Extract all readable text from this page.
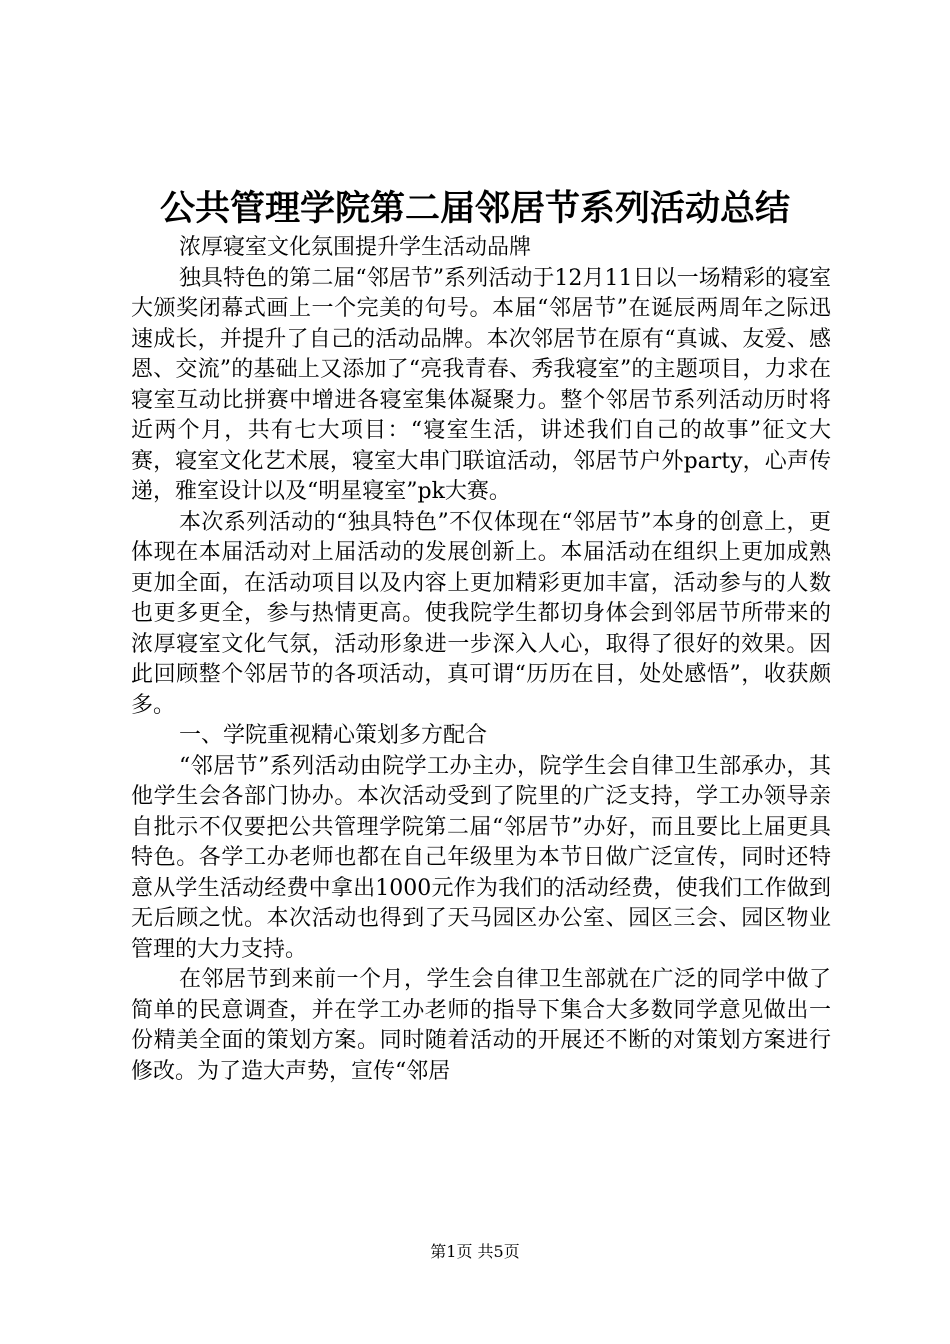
公共管理学院第二届邻居节系列活动总结

浓厚寝室文化氛围提升学生活动品牌

独具特色的第二届“邻居节”系列活动于12月11日以一场精彩的寝室大颁奖闭幕式画上一个完美的句号。本届“邻居节”在诞辰两周年之际迅速成长，并提升了自己的活动品牌。本次邻居节在原有“真诚、友爱、感恩、交流”的基础上又添加了“亮我青春、秀我寝室”的主题项目，力求在寝室互动比拼赛中增进各寝室集体凝聚力。整个邻居节系列活动历时将近两个月，共有七大项目：“寝室生活，讲述我们自己的故事”征文大赛，寝室文化艺术展，寝室大串门联谊活动，邻居节户外party，心声传递，雅室设计以及“明星寝室”pk大赛。

本次系列活动的“独具特色”不仅体现在“邻居节”本身的创意上，更体现在本届活动对上届活动的发展创新上。本届活动在组织上更加成熟更加全面，在活动项目以及内容上更加精彩更加丰富，活动参与的人数也更多更全，参与热情更高。使我院学生都切身体会到邻居节所带来的浓厚寝室文化气氛，活动形象进一步深入人心，取得了很好的效果。因此回顾整个邻居节的各项活动，真可谓“历历在目，处处感悟”，收获颇多。

一、学院重视精心策划多方配合

“邻居节”系列活动由院学工办主办，院学生会自律卫生部承办，其他学生会各部门协办。本次活动受到了院里的广泛支持，学工办领导亲自批示不仅要把公共管理学院第二届“邻居节”办好，而且要比上届更具特色。各学工办老师也都在自己年级里为本节日做广泛宣传，同时还特意从学生活动经费中拿出1000元作为我们的活动经费，使我们工作做到无后顾之忧。本次活动也得到了天马园区办公室、园区三会、园区物业管理的大力支持。

在邻居节到来前一个月，学生会自律卫生部就在广泛的同学中做了简单的民意调查，并在学工办老师的指导下集合大多数同学意见做出一份精美全面的策划方案。同时随着活动的开展还不断的对策划方案进行修改。为了造大声势，宣传“邻居

第1页 共5页
